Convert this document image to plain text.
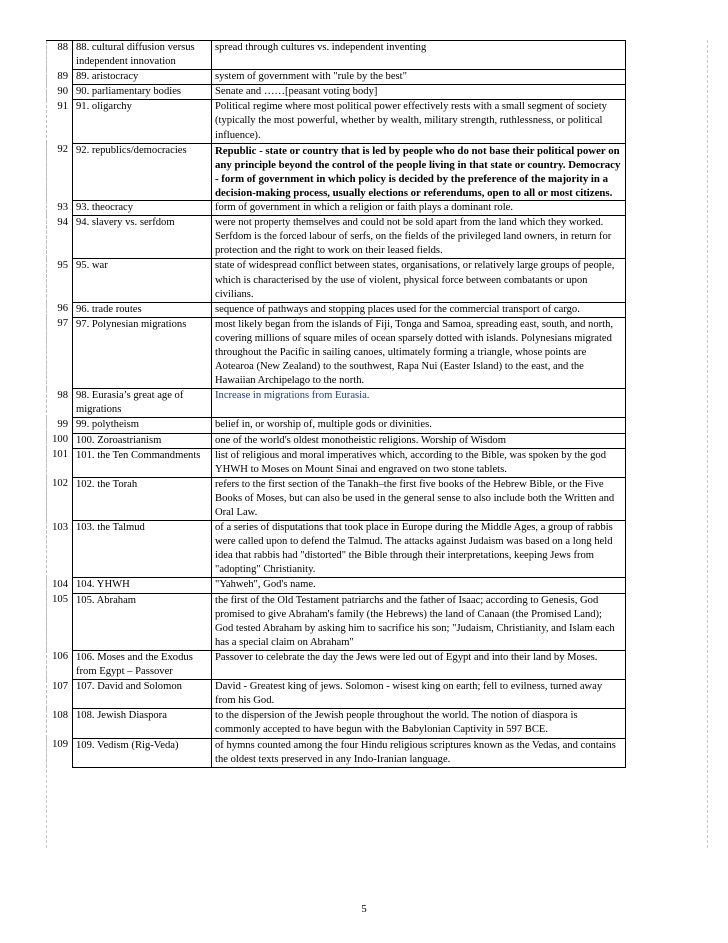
88	88. cultural diffusion versus independent innovation	spread through cultures vs. independent inventing
89	89. aristocracy	system of government with "rule by the best"
90	90. parliamentary bodies	Senate and ……[peasant voting body]
91	91. oligarchy	Political regime where most political power effectively rests with a small segment of society (typically the most powerful, whether by wealth, military strength, ruthlessness, or political influence).
92	92. republics/democracies	Republic - state or country that is led by people who do not base their political power on any principle beyond the control of the people living in that state or country. Democracy - form of government in which policy is decided by the preference of the majority in a decision-making process, usually elections or referendums, open to all or most citizens.
93	93. theocracy	form of government in which a religion or faith plays a dominant role.
94	94. slavery vs. serfdom	were not property themselves and could not be sold apart from the land which they worked. Serfdom is the forced labour of serfs, on the fields of the privileged land owners, in return for protection and the right to work on their leased fields.
95	95. war	state of widespread conflict between states, organisations, or relatively large groups of people, which is characterised by the use of violent, physical force between combatants or upon civilians.
96	96. trade routes	sequence of pathways and stopping places used for the commercial transport of cargo.
97	97. Polynesian migrations	most likely began from the islands of Fiji, Tonga and Samoa, spreading east, south, and north, covering millions of square miles of ocean sparsely dotted with islands. Polynesians migrated throughout the Pacific in sailing canoes, ultimately forming a triangle, whose points are Aotearoa (New Zealand) to the southwest, Rapa Nui (Easter Island) to the east, and the Hawaiian Archipelago to the north.
98	98. Eurasia’s great age of migrations	Increase in migrations from Eurasia.
99	99. polytheism	belief in, or worship of, multiple gods or divinities.
100	100. Zoroastrianism	one of the world's oldest monotheistic religions. Worship of Wisdom
101	101. the Ten Commandments	list of religious and moral imperatives which, according to the Bible, was spoken by the god YHWH to Moses on Mount Sinai and engraved on two stone tablets.
102	102. the Torah	refers to the first section of the Tanakh–the first five books of the Hebrew Bible, or the Five Books of Moses, but can also be used in the general sense to also include both the Written and Oral Law.
103	103. the Talmud	of a series of disputations that took place in Europe during the Middle Ages, a group of rabbis were called upon to defend the Talmud. The attacks against Judaism was based on a long held idea that rabbis had "distorted" the Bible through their interpretations, keeping Jews from "adopting" Christianity.
104	104. YHWH	"Yahweh", God's name.
105	105. Abraham	the first of the Old Testament patriarchs and the father of Isaac; according to Genesis, God promised to give Abraham's family (the Hebrews) the land of Canaan (the Promised Land); God tested Abraham by asking him to sacrifice his son; "Judaism, Christianity, and Islam each has a special claim on Abraham"
106	106. Moses and the Exodus from Egypt – Passover	Passover to celebrate the day the Jews were led out of Egypt and into their land by Moses.
107	107. David and Solomon	David - Greatest king of jews. Solomon - wisest king on earth; fell to evilness, turned away from his God.
108	108. Jewish Diaspora	to the dispersion of the Jewish people throughout the world. The notion of diaspora is commonly accepted to have begun with the Babylonian Captivity in 597 BCE.
109	109. Vedism (Rig-Veda)	of hymns counted among the four Hindu religious scriptures known as the Vedas, and contains the oldest texts preserved in any Indo-Iranian language.
5
